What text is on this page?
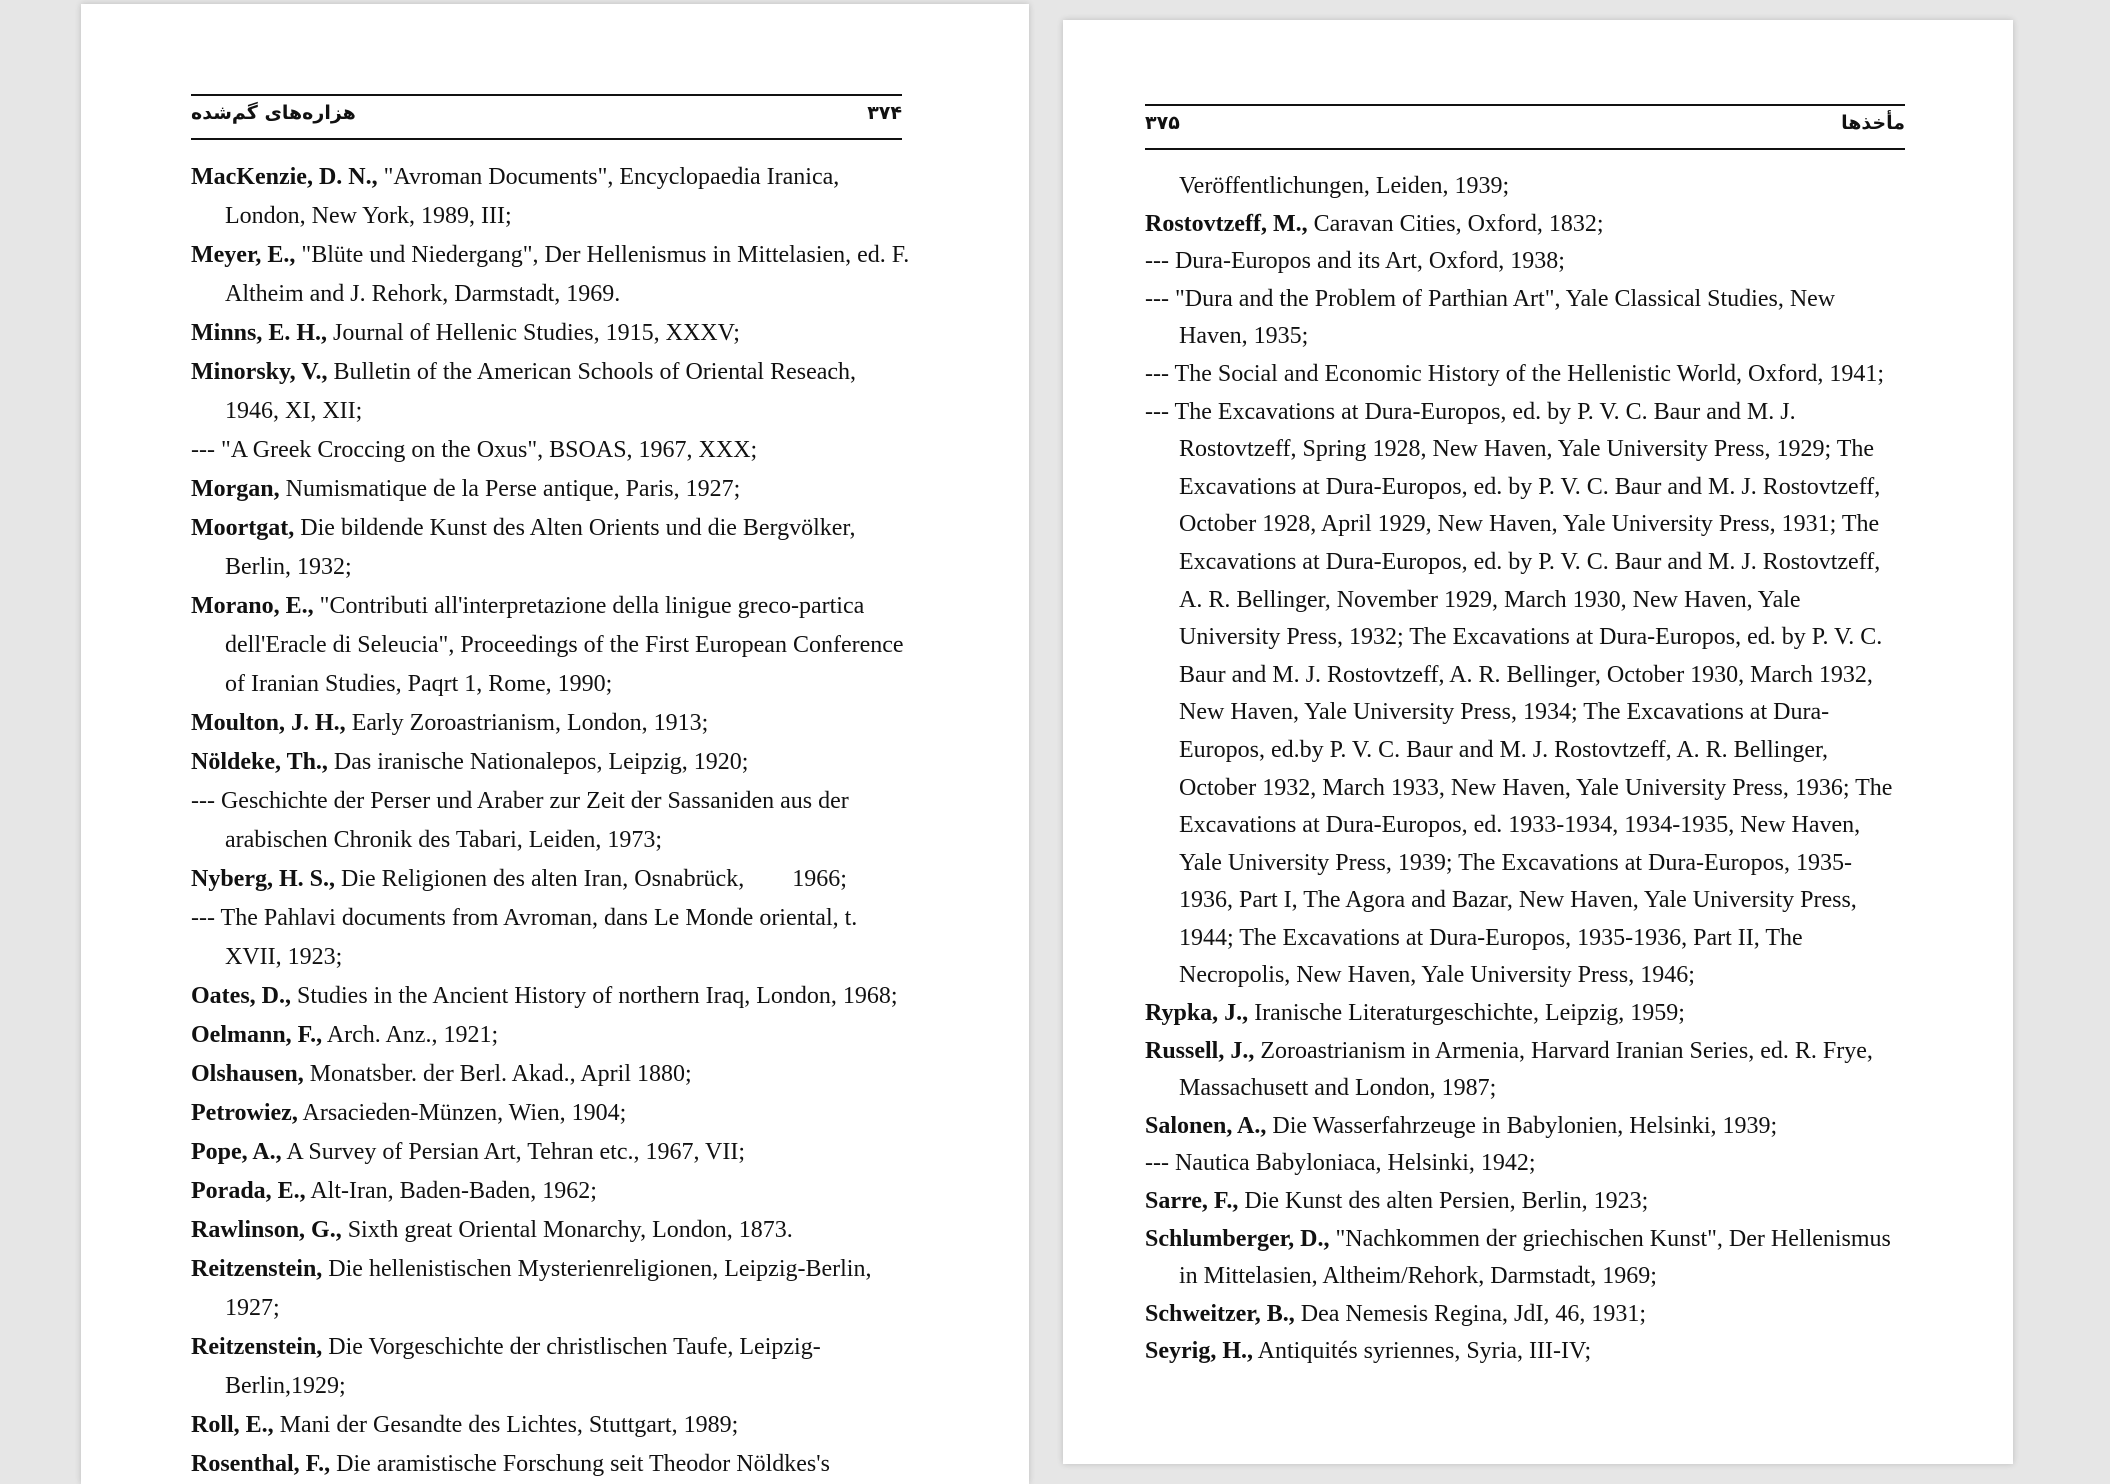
هزاره‌های گم‌شده	۳۷۴
MacKenzie, D. N., "Avroman Documents", Encyclopaedia Iranica, London, New York, 1989, III;
Meyer, E., "Blüte und Niedergang", Der Hellenismus in Mittelasien, ed. F. Altheim and J. Rehork, Darmstadt, 1969.
Minns, E. H., Journal of Hellenic Studies, 1915, XXXV;
Minorsky, V., Bulletin of the American Schools of Oriental Reseach, 1946, XI, XII;
--- "A Greek Croccing on the Oxus", BSOAS, 1967, XXX;
Morgan, Numismatique de la Perse antique, Paris, 1927;
Moortgat, Die bildende Kunst des Alten Orients und die Bergvölker, Berlin, 1932;
Morano, E., "Contributi all'interpretazione della linigue greco-partica dell'Eracle di Seleucia", Proceedings of the First European Conference of Iranian Studies, Paqrt 1, Rome, 1990;
Moulton, J. H., Early Zoroastrianism, London, 1913;
Nöldeke, Th., Das iranische Nationalepos, Leipzig, 1920;
--- Geschichte der Perser und Araber zur Zeit der Sassaniden aus der    arabischen Chronik des Tabari, Leiden, 1973;
Nyberg, H. S., Die Religionen des alten Iran, Osnabrück,        1966;
--- The Pahlavi documents from Avroman, dans Le Monde oriental, t. XVII, 1923;
Oates, D., Studies in the Ancient History of northern Iraq, London, 1968;
Oelmann, F., Arch. Anz., 1921;
Olshausen, Monatsber. der Berl. Akad., April 1880;
Petrowiez, Arsacieden-Münzen, Wien, 1904;
Pope, A., A Survey of Persian Art, Tehran etc., 1967, VII;
Porada, E., Alt-Iran, Baden-Baden, 1962;
Rawlinson, G., Sixth great Oriental Monarchy, London, 1873.
Reitzenstein, Die hellenistischen Mysterienreligionen, Leipzig-Berlin, 1927;
Reitzenstein, Die Vorgeschichte der christlischen Taufe, Leipzig-Berlin,1929;
Roll, E., Mani der Gesandte des Lichtes, Stuttgart, 1989;
Rosenthal, F., Die aramistische Forschung seit Theodor Nöldkes's
۳۷۵	مأخذها
Veröffentlichungen, Leiden, 1939;
Rostovtzeff, M., Caravan Cities, Oxford, 1832;
--- Dura-Europos and its Art, Oxford, 1938;
--- "Dura and the Problem of Parthian Art", Yale Classical Studies, New Haven, 1935;
--- The Social and Economic History of the Hellenistic World, Oxford, 1941;
--- The Excavations at Dura-Europos, ed. by P. V. C. Baur and M. J. Rostovtzeff, Spring 1928, New Haven, Yale University Press, 1929; The Excavations at Dura-Europos, ed. by P. V. C. Baur and M. J. Rostovtzeff, October 1928, April 1929, New Haven, Yale University Press, 1931; The Excavations at Dura-Europos, ed. by P. V. C. Baur and M. J. Rostovtzeff, A. R. Bellinger, November 1929, March 1930, New Haven, Yale University Press, 1932; The Excavations at Dura-Europos, ed. by P. V. C. Baur and M. J. Rostovtzeff, A. R. Bellinger, October 1930, March 1932, New Haven, Yale University Press, 1934; The Excavations at Dura-Europos, ed.by P. V. C. Baur and M. J. Rostovtzeff, A. R. Bellinger, October 1932, March 1933, New Haven, Yale University Press, 1936; The Excavations at Dura-Europos, ed. 1933-1934, 1934-1935, New Haven, Yale University Press, 1939; The Excavations at Dura-Europos, 1935-1936, Part I, The Agora and Bazar, New Haven, Yale University Press, 1944; The Excavations at Dura-Europos, 1935-1936, Part II, The Necropolis, New Haven, Yale University Press, 1946;
Rypka, J., Iranische Literaturgeschichte, Leipzig, 1959;
Russell, J., Zoroastrianism in Armenia, Harvard Iranian Series, ed. R. Frye, Massachusett and London, 1987;
Salonen, A., Die Wasserfahrzeuge in Babylonien, Helsinki, 1939;
--- Nautica Babyloniaca, Helsinki, 1942;
Sarre, F., Die Kunst des alten Persien, Berlin, 1923;
Schlumberger, D., "Nachkommen der griechischen Kunst", Der Hellenismus in Mittelasien, Altheim/Rehork, Darmstadt, 1969;
Schweitzer, B., Dea Nemesis Regina, JdI, 46, 1931;
Seyrig, H., Antiquités syriennes, Syria, III-IV;
